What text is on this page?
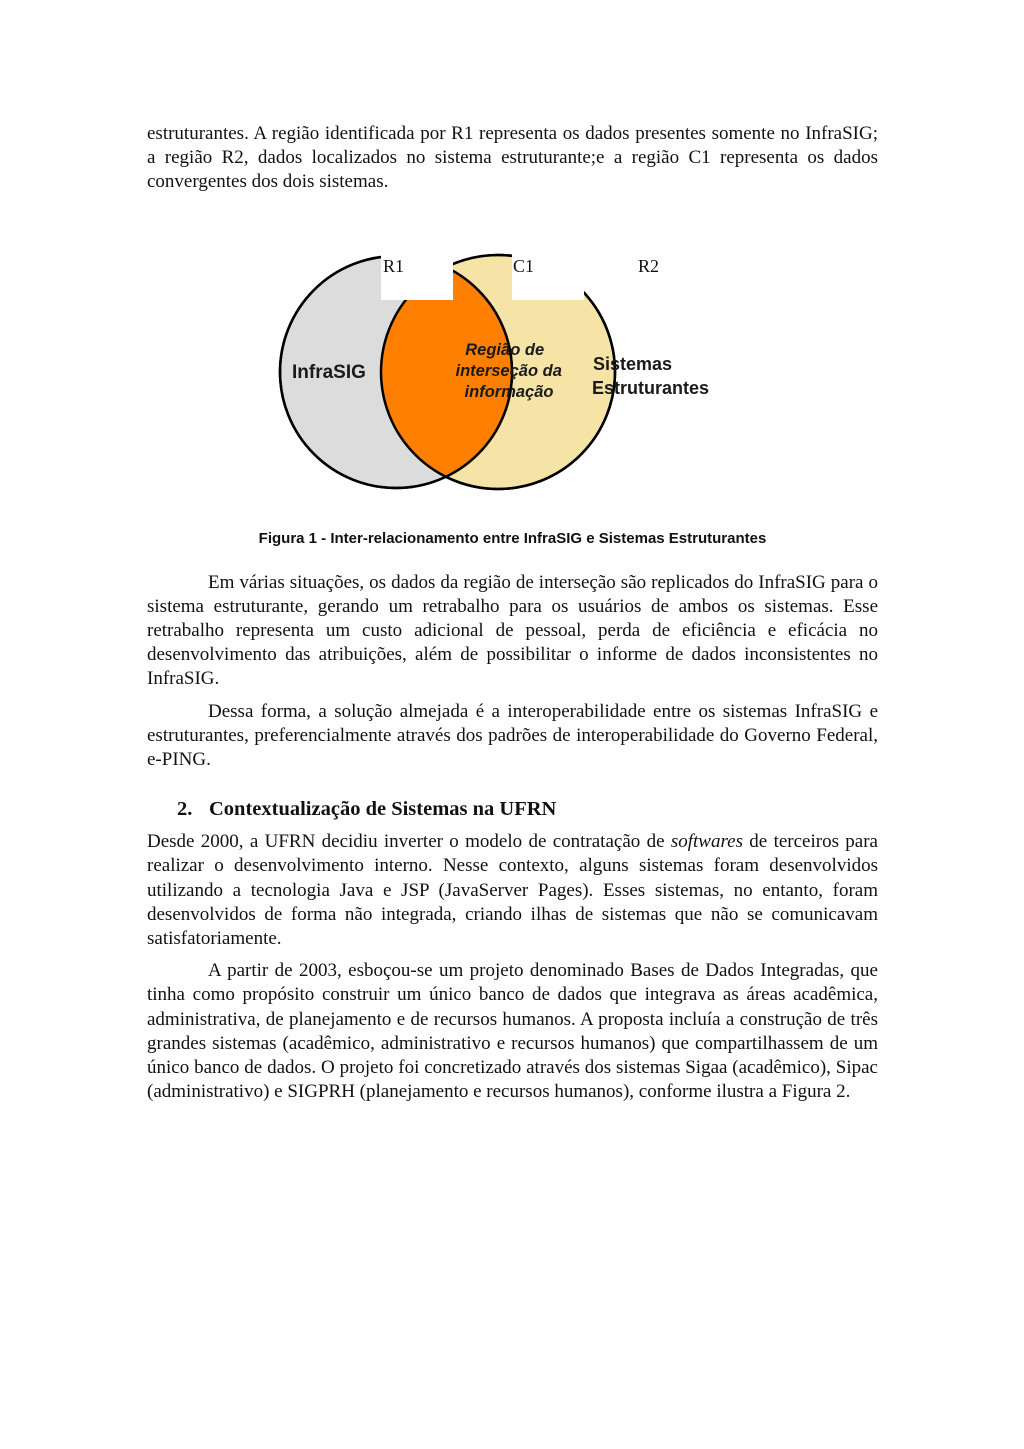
estruturantes. A região identificada por R1 representa os dados presentes somente no InfraSIG; a região R2, dados localizados no sistema estruturante;e a região C1 representa os dados convergentes dos dois sistemas.

R1	C1	R2
InfraSIG
Região de interseção da informação
Sistemas Estruturantes
Figura 1 - Inter-relacionamento entre InfraSIG e Sistemas Estruturantes

Em várias situações, os dados da região de interseção são replicados do InfraSIG para o sistema estruturante, gerando um retrabalho para os usuários de ambos os sistemas. Esse retrabalho representa um custo adicional de pessoal, perda de eficiência e eficácia no desenvolvimento das atribuições, além de possibilitar o informe de dados inconsistentes no InfraSIG.

Dessa forma, a solução almejada é a interoperabilidade entre os sistemas InfraSIG e estruturantes, preferencialmente através dos padrões de interoperabilidade do Governo Federal, e-PING.

2. Contextualização de Sistemas na UFRN

Desde 2000, a UFRN decidiu inverter o modelo de contratação de softwares de terceiros para realizar o desenvolvimento interno. Nesse contexto, alguns sistemas foram desenvolvidos utilizando a tecnologia Java e JSP (JavaServer Pages). Esses sistemas, no entanto, foram desenvolvidos de forma não integrada, criando ilhas de sistemas que não se comunicavam satisfatoriamente.

A partir de 2003, esboçou-se um projeto denominado Bases de Dados Integradas, que tinha como propósito construir um único banco de dados que integrava as áreas acadêmica, administrativa, de planejamento e de recursos humanos. A proposta incluía a construção de três grandes sistemas (acadêmico, administrativo e recursos humanos) que compartilhassem de um único banco de dados. O projeto foi concretizado através dos sistemas Sigaa (acadêmico), Sipac (administrativo) e SIGPRH (planejamento e recursos humanos), conforme ilustra a Figura 2.
